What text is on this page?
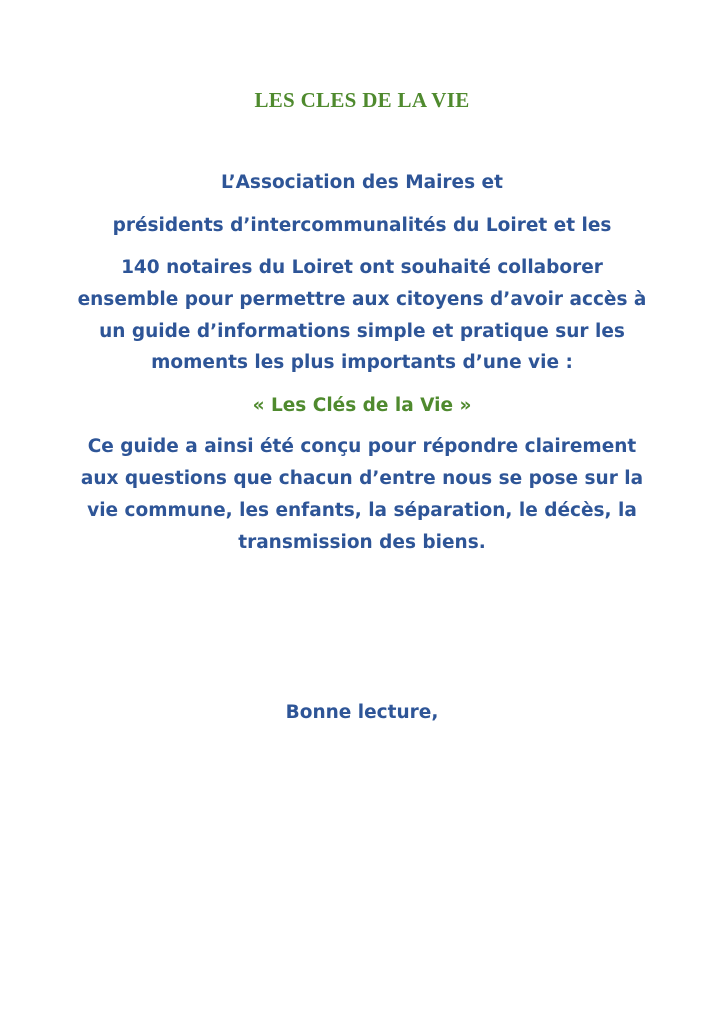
LES CLES DE LA VIE
L’Association des Maires et
présidents d’intercommunalités du Loiret et les
140 notaires du Loiret ont souhaité collaborer
ensemble pour permettre aux citoyens d’avoir accès à
un guide d’informations simple et pratique sur les
moments les plus importants d’une vie :
« Les Clés de la Vie »
Ce guide a ainsi été conçu pour répondre clairement
aux questions que chacun d’entre nous se pose sur la
vie commune, les enfants, la séparation, le décès, la
transmission des biens.
Bonne lecture,
